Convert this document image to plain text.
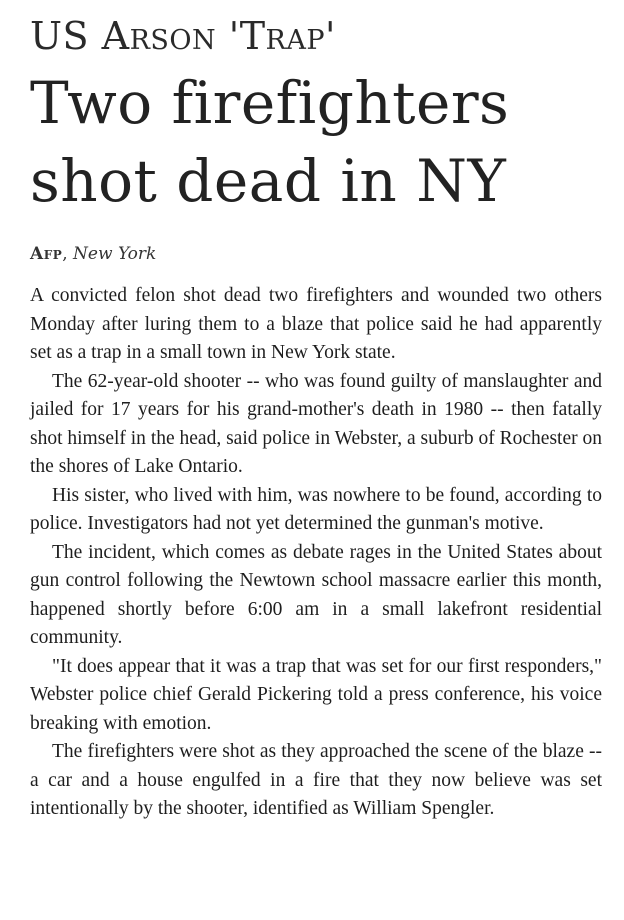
US Arson 'Trap'
Two firefighters shot dead in NY
Afp, New York

A convicted felon shot dead two firefighters and wounded two others Monday after luring them to a blaze that police said he had apparently set as a trap in a small town in New York state.

The 62-year-old shooter -- who was found guilty of manslaughter and jailed for 17 years for his grand-mother's death in 1980 -- then fatally shot himself in the head, said police in Webster, a suburb of Rochester on the shores of Lake Ontario.

His sister, who lived with him, was nowhere to be found, according to police. Investigators had not yet determined the gunman's motive.

The incident, which comes as debate rages in the United States about gun control following the Newtown school massacre earlier this month, happened shortly before 6:00 am in a small lakefront residential community.

"It does appear that it was a trap that was set for our first responders," Webster police chief Gerald Pickering told a press conference, his voice breaking with emotion.

The firefighters were shot as they approached the scene of the blaze -- a car and a house engulfed in a fire that they now believe was set intentionally by the shooter, identified as William Spengler.
